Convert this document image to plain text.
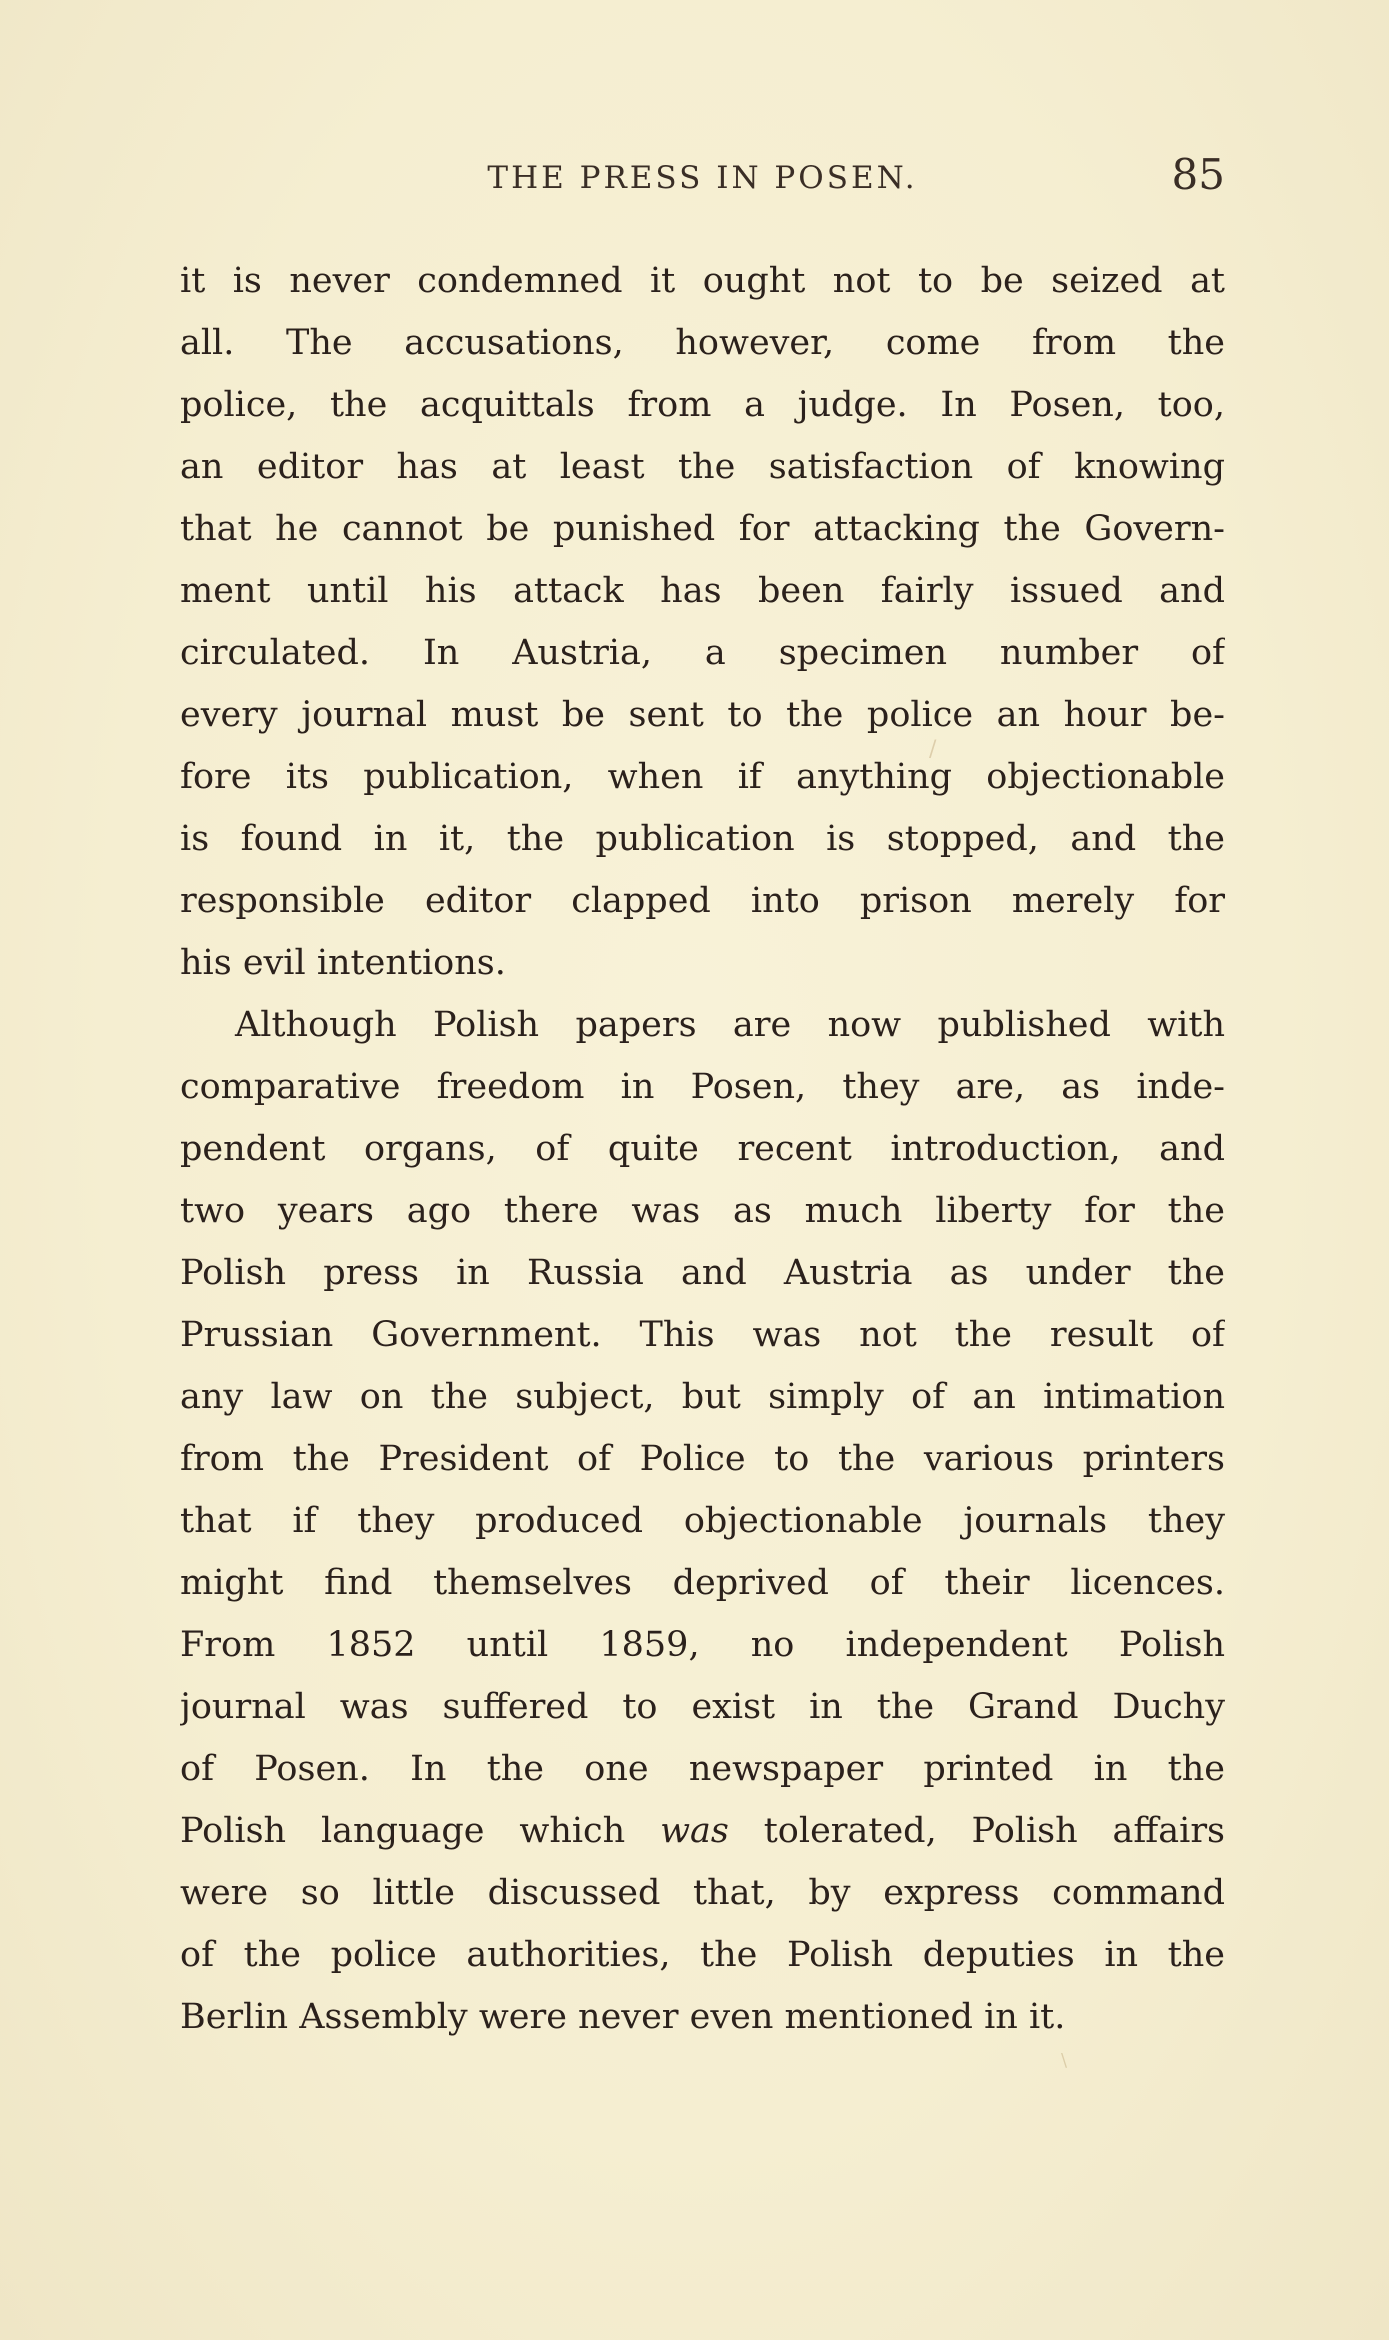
THE PRESS IN POSEN.	85
it is never condemned it ought not to be seized at
all. The accusations, however, come from the
police, the acquittals from a judge. In Posen, too,
an editor has at least the satisfaction of knowing
that he cannot be punished for attacking the Govern-
ment until his attack has been fairly issued and
circulated. In Austria, a specimen number of
every journal must be sent to the police an hour be-
fore its publication, when if anything objectionable
is found in it, the publication is stopped, and the
responsible editor clapped into prison merely for
his evil intentions.
Although Polish papers are now published with
comparative freedom in Posen, they are, as inde-
pendent organs, of quite recent introduction, and
two years ago there was as much liberty for the
Polish press in Russia and Austria as under the
Prussian Government. This was not the result of
any law on the subject, but simply of an intimation
from the President of Police to the various printers
that if they produced objectionable journals they
might find themselves deprived of their licences.
From 1852 until 1859, no independent Polish
journal was suffered to exist in the Grand Duchy
of Posen. In the one newspaper printed in the
Polish language which was tolerated, Polish affairs
were so little discussed that, by express command
of the police authorities, the Polish deputies in the
Berlin Assembly were never even mentioned in it.
/
\
